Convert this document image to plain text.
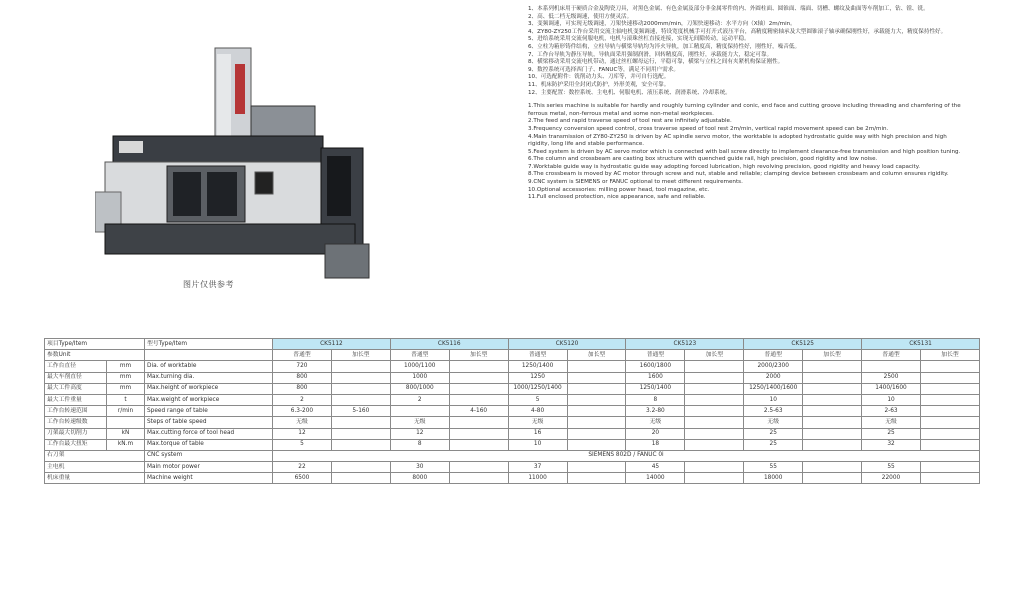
图片仅供参考

1、本系列机床用于硬质合金及陶瓷刀具，对黑色金属、有色金属及部分非金属零件的内、外圆柱面、圆锥面、端面、切槽、螺纹及曲面等车削加工，钻、镗、铣。

2、高、低二档无级调速，使用方便灵活。

3、变频调速，可实现无级调速，刀架快速移动2000mm/min，刀架快速移动：水平方向（X轴）2m/min。

4、ZY80-ZY250工作台采用交流主轴电机变频调速，特设宽度机械手可打开式液压平台，高精度精密轴承及大型圆锥滚子轴承确保刚性好，承载能力大，精度保持性好。

5、进给系统采用交流伺服电机，电机与滚珠丝杠直接连接，实现无间隙传动，运动平稳。

6、立柱为箱形铸件结构，立柱导轨与横梁导轨均为淬火导轨，加工精度高，精度保持性好，刚性好，噪音低。

7、工作台导轨为静压导轨，导轨面采用强制润滑，回转精度高，刚性好，承载能力大，稳定可靠。

8、横梁移动采用交流电机带动，通过丝杠螺母运行，平稳可靠，横梁与立柱之间有夹紧机构保证刚性。

9、数控系统可选择西门子、FANUC等，满足不同用户需求。

10、可选配附件：铣削动力头、刀库等，并可自行选配。

11、机床防护采用全封闭式防护，外形美观，安全可靠。

12、主要配置：数控系统、主电机、伺服电机、液压系统、润滑系统、冷却系统。

1.This series machine is suitable for hardly and roughly turning cylinder and conic, end face and cutting groove including threading and chamfering of the ferrous metal, non-ferrous metal and some non-metal workpieces.

2.The feed and rapid traverse speed of tool rest are infinitely adjustable.

3.Frequency conversion speed control, cross traverse speed of tool rest 2m/min, vertical rapid movement speed can be 2m/min.

4.Main transmission of ZY80-ZY250 is driven by AC spindle servo motor, the worktable is adopted hydrostatic guide way with high precision and high rigidity, long life and stable performance.

5.Feed system is driven by AC servo motor which is connected with ball screw directly to implement clearance-free transmission and high position tuning.

6.The column and crossbeam are casting box structure with quenched guide rail, high precision, good rigidity and low noise.

7.Worktable guide way is hydrostatic guide way adopting forced lubrication, high revolving precision, good rigidity and heavy load capacity.

8.The crossbeam is moved by AC motor through screw and nut, stable and reliable; clamping device between crossbeam and column ensures rigidity.

9.CNC system is SIEMENS or FANUC optional to meet different requirements.

10.Optional accessories: milling power head, tool magazine, etc.

11.Full enclosed protection, nice appearance, safe and reliable.

项目Type/Item		型号Type/Item	CK5112		CK5116		CK5120		CK5123		CK5125		CK5131	
参数Unit			普通型	加长型	普通型	加长型	普通型	加长型	普通型	加长型	普通型	加长型	普通型	加长型
工作台直径	mm	Dia. of worktable	720		1000/1100		1250/1400		1600/1800		2000/2300			
最大车削直径	mm	Max.turning dia.	800		1000		1250		1600		2000		2500	
最大工件高度	mm	Max.height of workpiece	800		800/1000		1000/1250/1400		1250/1400		1250/1400/1600		1400/1600	
最大工件重量	t	Max.weight of workpiece	2		2		5		8		10		10	
工作台转速范围	r/min	Speed range of table	6.3-200	5-160		4-160	4-80		3.2-80		2.5-63		2-63	
工作台转速级数		Steps of table speed	无级		无级		无级		无级		无级		无级	
刀架最大切削力	kN	Max.cutting force of tool head	12		12		16		20		25		25	
工作台最大扭矩	kN.m	Max.torque of table	5		8		10		18		25		32	
右刀架		CNC system	SIEMENS 802D / FANUC 0i											
主电机		Main motor power	22		30		37		45		55		55	
机床重量		Machine weight	6500		8000		11000		14000		18000		22000	
